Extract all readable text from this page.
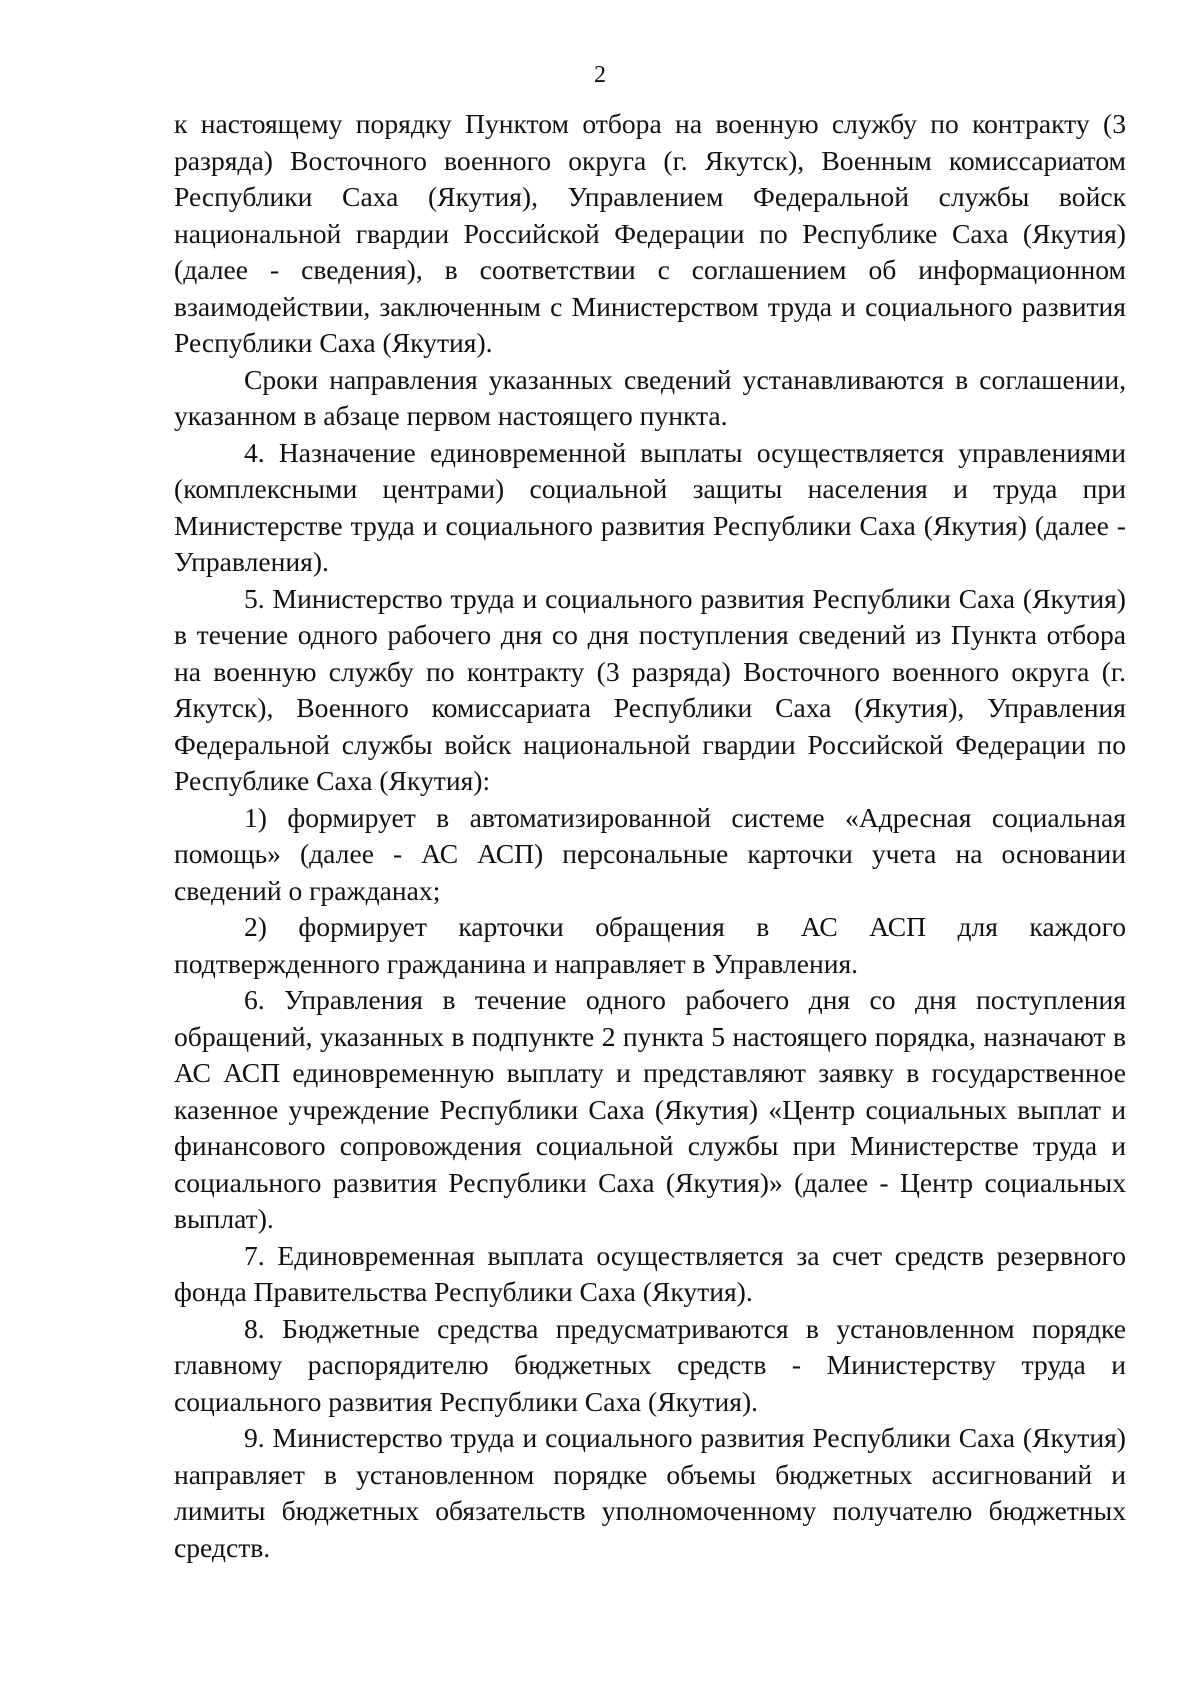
2

к настоящему порядку Пунктом отбора на военную службу по контракту (3 разряда) Восточного военного округа (г. Якутск), Военным комиссариатом Республики Саха (Якутия), Управлением Федеральной службы войск национальной гвардии Российской Федерации по Республике Саха (Якутия) (далее - сведения), в соответствии с соглашением об информационном взаимодействии, заключенным с Министерством труда и социального развития Республики Саха (Якутия).

Сроки направления указанных сведений устанавливаются в соглашении, указанном в абзаце первом настоящего пункта.

4. Назначение единовременной выплаты осуществляется управлениями (комплексными центрами) социальной защиты населения и труда при Министерстве труда и социального развития Республики Саха (Якутия) (далее - Управления).

5. Министерство труда и социального развития Республики Саха (Якутия) в течение одного рабочего дня со дня поступления сведений из Пункта отбора на военную службу по контракту (3 разряда) Восточного военного округа (г. Якутск), Военного комиссариата Республики Саха (Якутия), Управления Федеральной службы войск национальной гвардии Российской Федерации по Республике Саха (Якутия):

1) формирует в автоматизированной системе «Адресная социальная помощь» (далее - АС АСП) персональные карточки учета на основании сведений о гражданах;

2) формирует карточки обращения в АС АСП для каждого подтвержденного гражданина и направляет в Управления.

6. Управления в течение одного рабочего дня со дня поступления обращений, указанных в подпункте 2 пункта 5 настоящего порядка, назначают в АС АСП единовременную выплату и представляют заявку в государственное казенное учреждение Республики Саха (Якутия) «Центр социальных выплат и финансового сопровождения социальной службы при Министерстве труда и социального развития Республики Саха (Якутия)» (далее - Центр социальных выплат).

7. Единовременная выплата осуществляется за счет средств резервного фонда Правительства Республики Саха (Якутия).

8. Бюджетные средства предусматриваются в установленном порядке главному распорядителю бюджетных средств - Министерству труда и социального развития Республики Саха (Якутия).

9. Министерство труда и социального развития Республики Саха (Якутия) направляет в установленном порядке объемы бюджетных ассигнований и лимиты бюджетных обязательств уполномоченному получателю бюджетных средств.
